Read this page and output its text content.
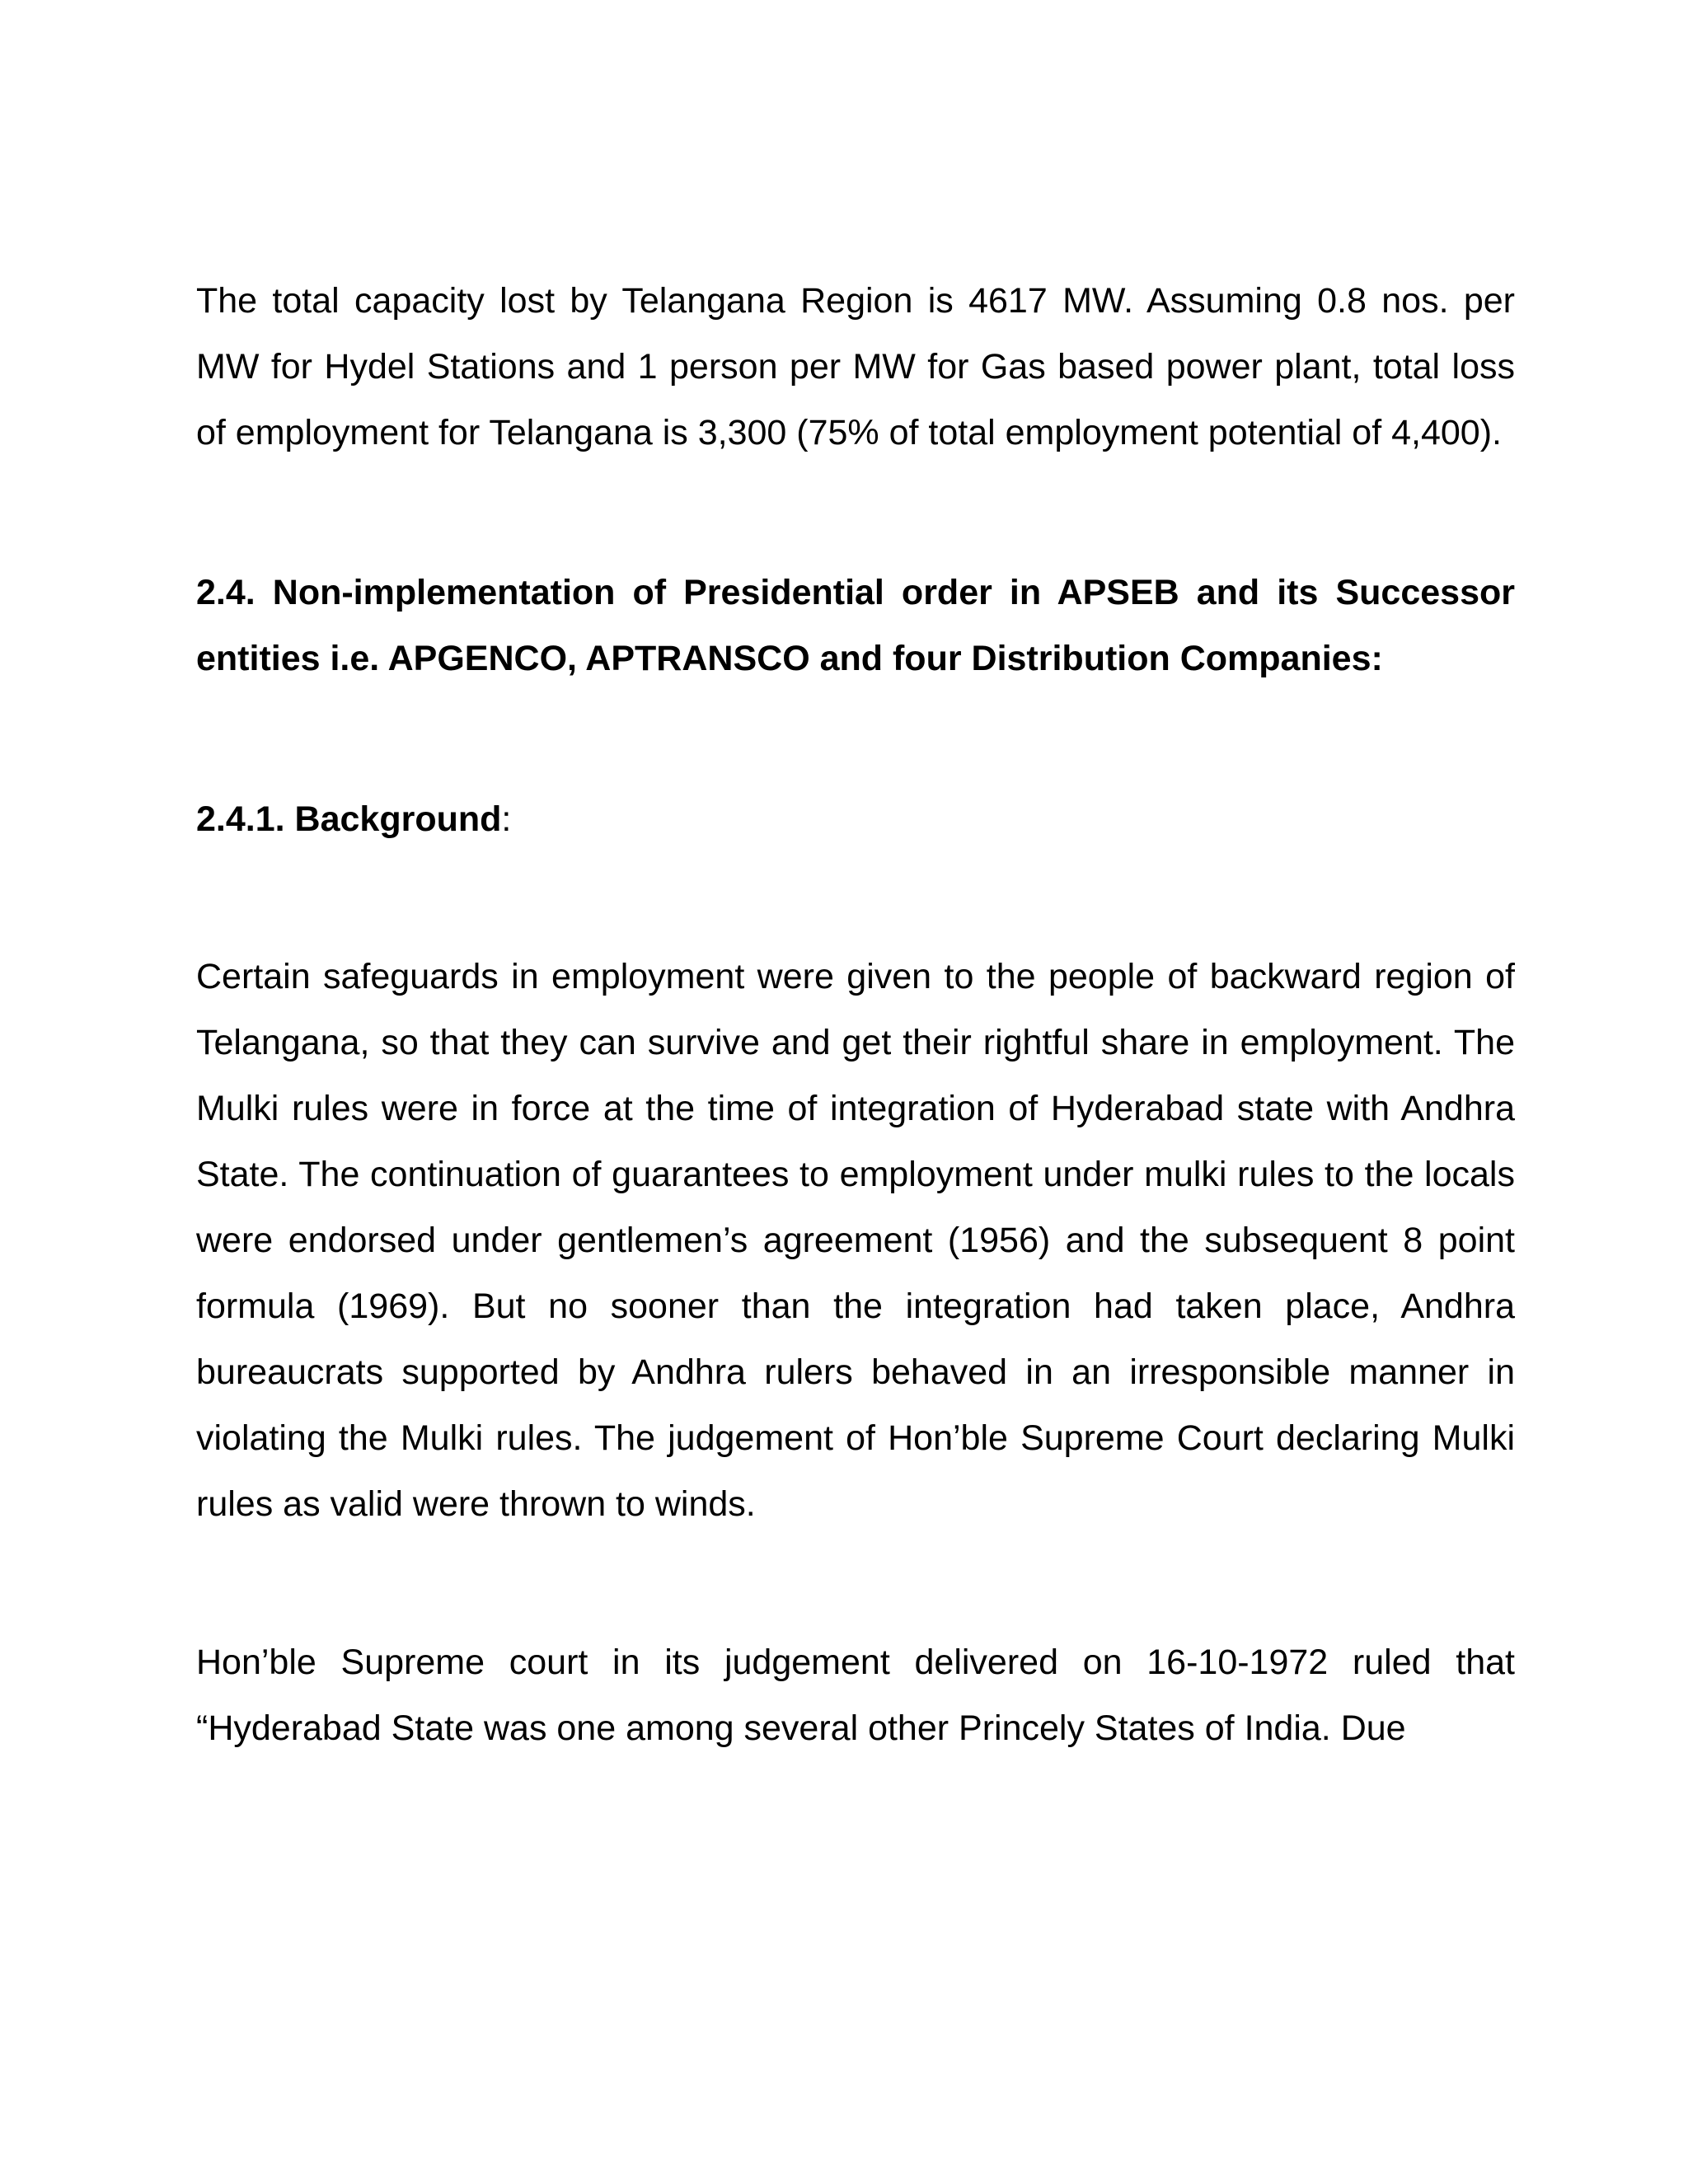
The total capacity lost by Telangana Region is 4617 MW. Assuming 0.8 nos. per MW for Hydel Stations and 1 person per MW for Gas based power plant, total loss of employment for Telangana is 3,300 (75% of total employment potential of 4,400).

2.4. Non-implementation of Presidential order in APSEB and its Successor entities i.e. APGENCO, APTRANSCO and four Distribution Companies:

2.4.1. Background:

Certain safeguards in employment were given to the people of backward region of Telangana, so that they can survive and get their rightful share in employment. The Mulki rules were in force at the time of integration of Hyderabad state with Andhra State. The continuation of guarantees to employment under mulki rules to the locals were endorsed under gentlemen’s agreement (1956) and the subsequent 8 point formula (1969). But no sooner than the integration had taken place, Andhra bureaucrats supported by Andhra rulers behaved in an irresponsible manner in violating the Mulki rules. The judgement of Hon’ble Supreme Court declaring Mulki rules as valid were thrown to winds.

Hon’ble Supreme court in its judgement delivered on 16-10-1972 ruled that “Hyderabad State was one among several other Princely States of India. Due
